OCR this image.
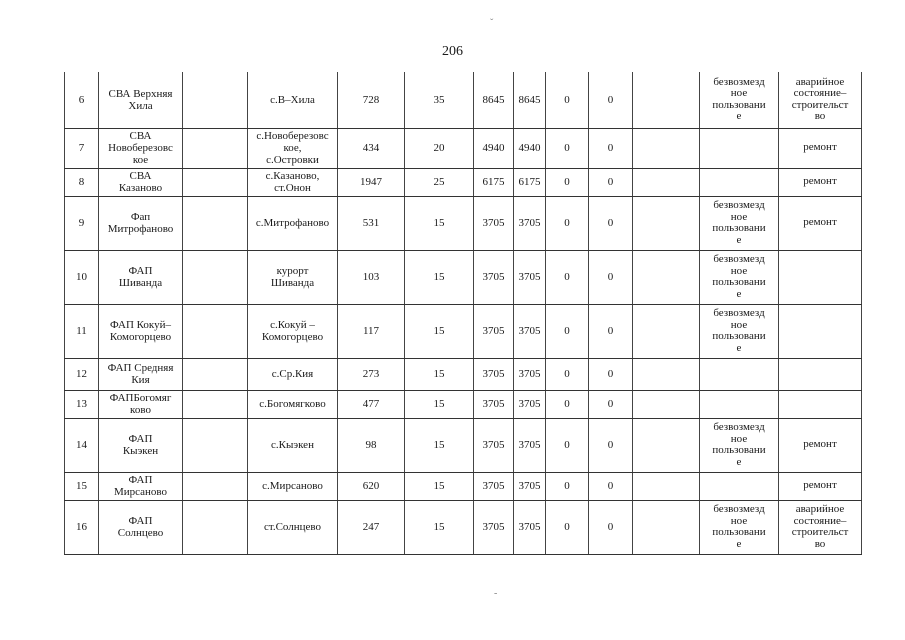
ˇ
206
6	СВА Верхняя
Хила		с.В–Хила	728	35	8645	8645	0	0		безвозмезд
ное
пользовани
е	аварийное
состояние–
строительст
во
7	СВА
Новоберезовс
кое		с.Новоберезовс
кое,
с.Островки	434	20	4940	4940	0	0			ремонт
8	СВА
Казаново		с.Казаново,
ст.Онон	1947	25	6175	6175	0	0			ремонт
9	Фап
Митрофаново		с.Митрофаново	531	15	3705	3705	0	0		безвозмезд
ное
пользовани
е	ремонт
10	ФАП
Шиванда		курорт
Шиванда	103	15	3705	3705	0	0		безвозмезд
ное
пользовани
е	
11	ФАП Кокуй–
Комогорцево		с.Кокуй –
Комогорцево	117	15	3705	3705	0	0		безвозмезд
ное
пользовани
е	
12	ФАП Средняя
Кия		с.Ср.Кия	273	15	3705	3705	0	0			
13	ФАПБогомяг
ково		с.Богомягково	477	15	3705	3705	0	0			
14	ФАП
Кыэкен		с.Кыэкен	98	15	3705	3705	0	0		безвозмезд
ное
пользовани
е	ремонт
15	ФАП
Мирсаново		с.Мирсаново	620	15	3705	3705	0	0			ремонт
16	ФАП
Солнцево		ст.Солнцево	247	15	3705	3705	0	0		безвозмезд
ное
пользовани
е	аварийное
состояние–
строительст
во
-
